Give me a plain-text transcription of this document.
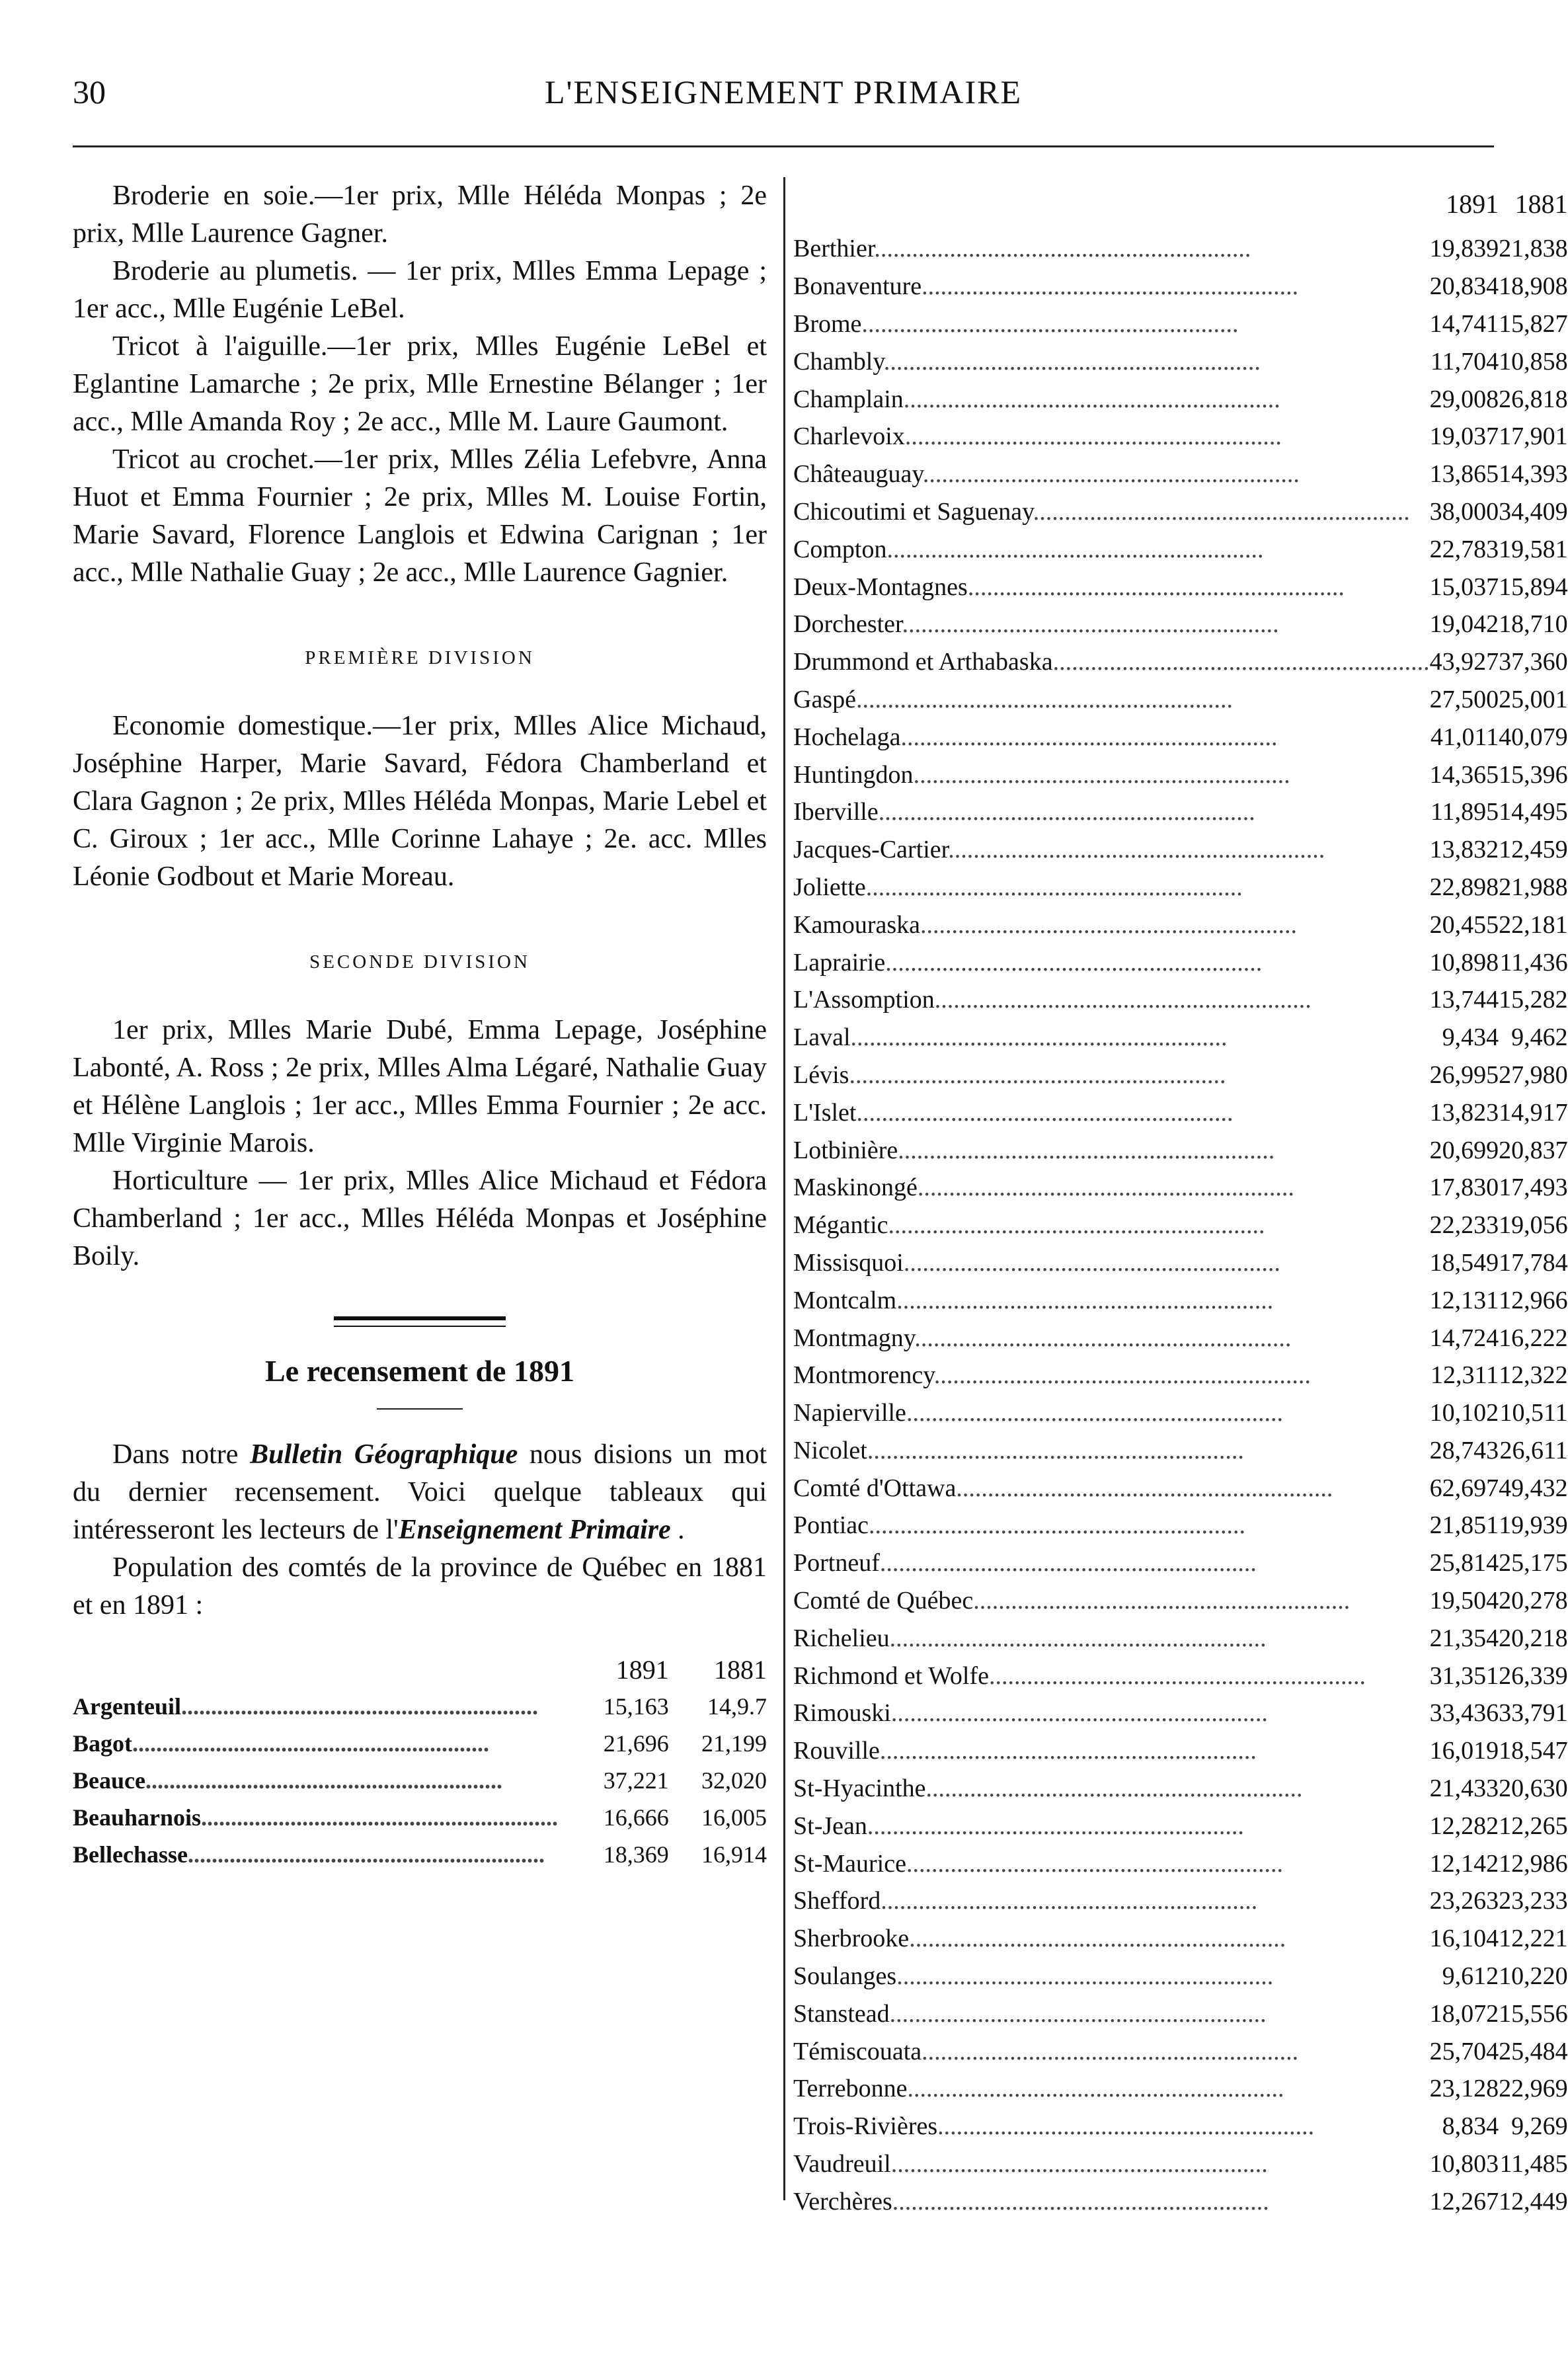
30	L'ENSEIGNEMENT PRIMAIRE

Broderie en soie.—1er prix, Mlle Héléda Monpas ; 2e prix, Mlle Laurence Gagner.

Broderie au plumetis. — 1er prix, Mlles Emma Lepage ; 1er acc., Mlle Eugénie LeBel.

Tricot à l'aiguille.—1er prix, Mlles Eugénie LeBel et Eglantine Lamarche ; 2e prix, Mlle Ernestine Bélanger ; 1er acc., Mlle Amanda Roy ; 2e acc., Mlle M. Laure Gaumont.

Tricot au crochet.—1er prix, Mlles Zélia Lefebvre, Anna Huot et Emma Fournier ; 2e prix, Mlles M. Louise Fortin, Marie Savard, Florence Langlois et Edwina Carignan ; 1er acc., Mlle Nathalie Guay ; 2e acc., Mlle Laurence Gagnier.

PREMIÈRE DIVISION

Economie domestique.—1er prix, Mlles Alice Michaud, Joséphine Harper, Marie Savard, Fédora Chamberland et Clara Gagnon ; 2e prix, Mlles Héléda Monpas, Marie Lebel et C. Giroux ; 1er acc., Mlle Corinne Lahaye ; 2e. acc. Mlles Léonie Godbout et Marie Moreau.

SECONDE DIVISION

1er prix, Mlles Marie Dubé, Emma Lepage, Joséphine Labonté, A. Ross ; 2e prix, Mlles Alma Légaré, Nathalie Guay et Hélène Langlois ; 1er acc., Mlles Emma Fournier ; 2e acc. Mlle Virginie Marois.

Horticulture — 1er prix, Mlles Alice Michaud et Fédora Chamberland ; 1er acc., Mlles Héléda Monpas et Joséphine Boily.

Le recensement de 1891

Dans notre Bulletin Géographique nous disions un mot du dernier recensement. Voici quelque tableaux qui intéresseront les lecteurs de l'Enseignement Primaire .

Population des comtés de la province de Québec en 1881 et en 1891 :

	1891	1881
Argenteuil............................................................	15,163	14,9.7
Bagot............................................................	21,696	21,199
Beauce............................................................	37,221	32,020
Beauharnois............................................................	16,666	16,005
Bellechasse............................................................	18,369	16,914
	1891	1881
Berthier............................................................	19,839	21,838
Bonaventure............................................................	20,834	18,908
Brome............................................................	14,741	15,827
Chambly............................................................	11,704	10,858
Champlain............................................................	29,008	26,818
Charlevoix............................................................	19,037	17,901
Châteauguay............................................................	13,865	14,393
Chicoutimi et Saguenay............................................................	38,000	34,409
Compton............................................................	22,783	19,581
Deux-Montagnes............................................................	15,037	15,894
Dorchester............................................................	19,042	18,710
Drummond et Arthabaska............................................................	43,927	37,360
Gaspé............................................................	27,500	25,001
Hochelaga............................................................	41,011	40,079
Huntingdon............................................................	14,365	15,396
Iberville............................................................	11,895	14,495
Jacques-Cartier............................................................	13,832	12,459
Joliette............................................................	22,898	21,988
Kamouraska............................................................	20,455	22,181
Laprairie............................................................	10,898	11,436
L'Assomption............................................................	13,744	15,282
Laval............................................................	9,434	9,462
Lévis............................................................	26,995	27,980
L'Islet............................................................	13,823	14,917
Lotbinière............................................................	20,699	20,837
Maskinongé............................................................	17,830	17,493
Mégantic............................................................	22,233	19,056
Missisquoi............................................................	18,549	17,784
Montcalm............................................................	12,131	12,966
Montmagny............................................................	14,724	16,222
Montmorency............................................................	12,311	12,322
Napierville............................................................	10,102	10,511
Nicolet............................................................	28,743	26,611
Comté d'Ottawa............................................................	62,697	49,432
Pontiac............................................................	21,851	19,939
Portneuf............................................................	25,814	25,175
Comté de Québec............................................................	19,504	20,278
Richelieu............................................................	21,354	20,218
Richmond et Wolfe............................................................	31,351	26,339
Rimouski............................................................	33,436	33,791
Rouville............................................................	16,019	18,547
St-Hyacinthe............................................................	21,433	20,630
St-Jean............................................................	12,282	12,265
St-Maurice............................................................	12,142	12,986
Shefford............................................................	23,263	23,233
Sherbrooke............................................................	16,104	12,221
Soulanges............................................................	9,612	10,220
Stanstead............................................................	18,072	15,556
Témiscouata............................................................	25,704	25,484
Terrebonne............................................................	23,128	22,969
Trois-Rivières............................................................	8,834	9,269
Vaudreuil............................................................	10,803	11,485
Verchères............................................................	12,267	12,449
